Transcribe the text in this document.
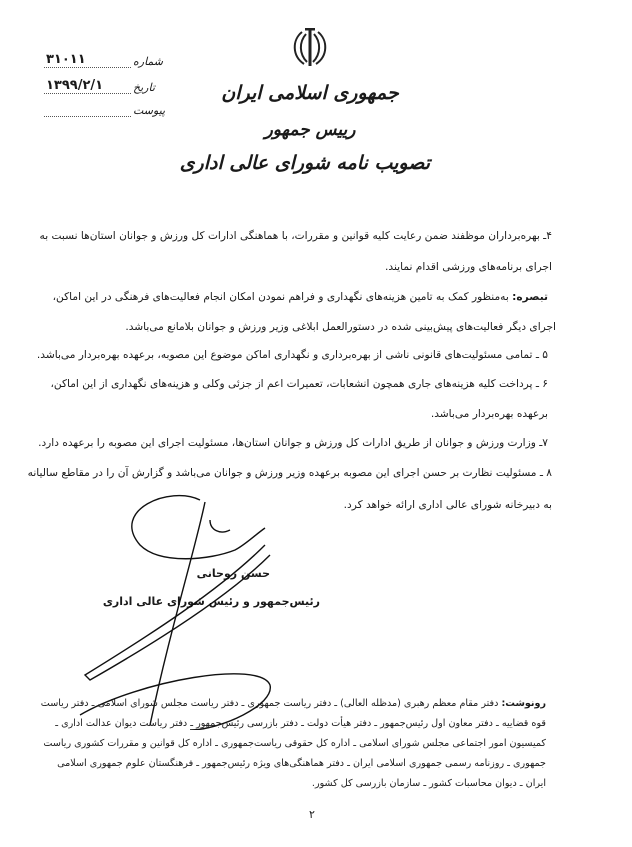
جمهوری اسلامی ایران
رییس جمهور
تصویب نامه شورای عالی اداری
شماره
۳۱۰۱۱
تاریخ
۱۳۹۹/۲/۱
پیوست
۴ـ بهره‌برداران موظفند ضمن رعایت کلیه قوانین و مقررات، با هماهنگی ادارات کل ورزش و جوانان استان‌ها نسبت به
اجرای برنامه‌های ورزشی اقدام نمایند.
تبصره: به‌منظور کمک به تامین هزینه‌های نگهداری و فراهم نمودن امکان انجام فعالیت‌های فرهنگی در این اماکن،
اجرای دیگر فعالیت‌های پیش‌بینی شده در دستورالعمل ابلاغی وزیر ورزش و جوانان بلامانع می‌باشد.
۵ ـ تمامی مسئولیت‌های قانونی ناشی از بهره‌برداری و نگهداری اماکن موضوع این مصوبه، برعهده بهره‌بردار می‌باشد.
۶ ـ پرداخت کلیه هزینه‌های جاری همچون انشعابات، تعمیرات اعم از جزئی وکلی و هزینه‌های نگهداری از این اماکن،
برعهده بهره‌بردار می‌باشد.
۷ـ وزارت ورزش و جوانان از طریق ادارات کل ورزش و جوانان استان‌ها، مسئولیت اجرای این مصوبه را برعهده دارد.
۸ ـ مسئولیت نظارت بر حسن اجرای این مصوبه برعهده وزیر ورزش و جوانان می‌باشد و گزارش آن را در مقاطع سالیانه
به دبیرخانه شورای عالی اداری ارائه خواهد کرد.
حسن روحانی
رئیس‌جمهور و رئیس شورای عالی اداری
رونوشت: دفتر مقام معظم رهبری (مدظله العالی) ـ دفتر ریاست جمهوری ـ دفتر ریاست مجلس شورای اسلامی ـ دفتر ریاست
قوه قضاییه ـ دفتر معاون اول رئیس‌جمهور ـ دفتر هیأت دولت ـ دفتر بازرسی رئیس‌جمهور ـ دفتر ریاست دیوان عدالت اداری ـ
کمیسیون امور اجتماعی مجلس شورای اسلامی ـ اداره کل حقوقی ریاست‌جمهوری ـ اداره کل قوانین و مقررات کشوری ریاست‌
جمهوری ـ روزنامه رسمی جمهوری اسلامی ایران ـ دفتر هماهنگی‌های ویژه رئیس‌جمهور ـ فرهنگستان علوم جمهوری اسلامی
ایران ـ دیوان محاسبات کشور ـ سازمان بازرسی کل کشور.
۲
